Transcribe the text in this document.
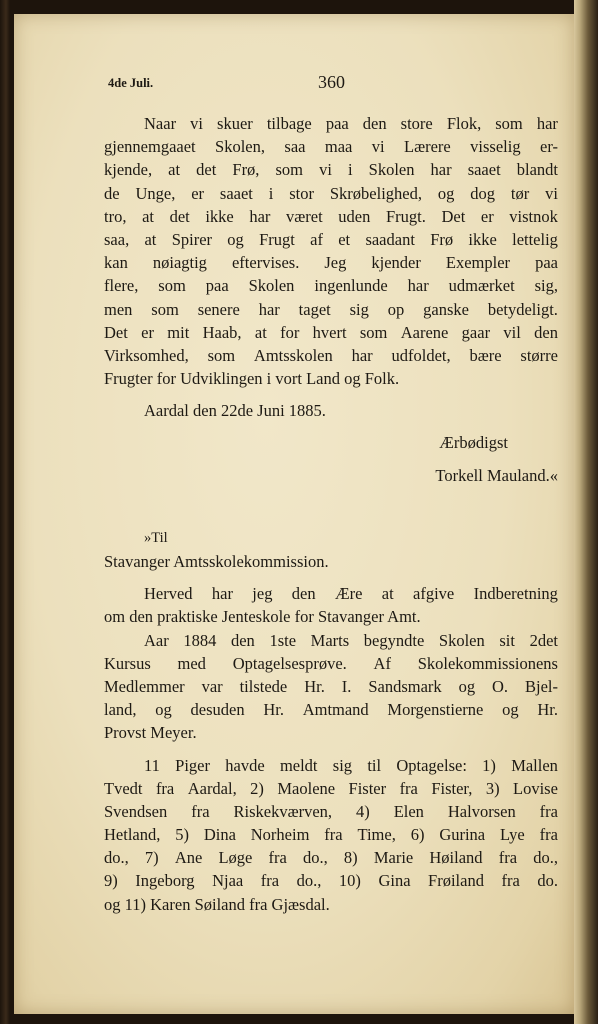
4de Juli.	360
Naar vi skuer tilbage paa den store Flok, som har
gjennemgaaet Skolen, saa maa vi Lærere visselig er-
kjende, at det Frø, som vi i Skolen har saaet blandt
de Unge, er saaet i stor Skrøbelighed, og dog tør vi
tro, at det ikke har været uden Frugt. Det er vistnok
saa, at Spirer og Frugt af et saadant Frø ikke lettelig
kan nøiagtig eftervises. Jeg kjender Exempler paa
flere, som paa Skolen ingenlunde har udmærket sig,
men som senere har taget sig op ganske betydeligt.
Det er mit Haab, at for hvert som Aarene gaar vil den
Virksomhed, som Amtsskolen har udfoldet, bære større
Frugter for Udviklingen i vort Land og Folk.
Aardal den 22de Juni 1885.
Ærbødigst
Torkell Mauland.«
»Til
Stavanger Amtsskolekommission.
Herved har jeg den Ære at afgive Indberetning
om den praktiske Jenteskole for Stavanger Amt.
Aar 1884 den 1ste Marts begyndte Skolen sit 2det
Kursus med Optagelsesprøve. Af Skolekommissionens
Medlemmer var tilstede Hr. I. Sandsmark og O. Bjel-
land, og desuden Hr. Amtmand Morgenstierne og Hr.
Provst Meyer.
11 Piger havde meldt sig til Optagelse: 1) Mallen
Tvedt fra Aardal, 2) Maolene Fister fra Fister, 3) Lovise
Svendsen fra Riskekværven, 4) Elen Halvorsen fra
Hetland, 5) Dina Norheim fra Time, 6) Gurina Lye fra
do., 7) Ane Løge fra do., 8) Marie Høiland fra do.,
9) Ingeborg Njaa fra do., 10) Gina Frøiland fra do.
og 11) Karen Søiland fra Gjæsdal.
